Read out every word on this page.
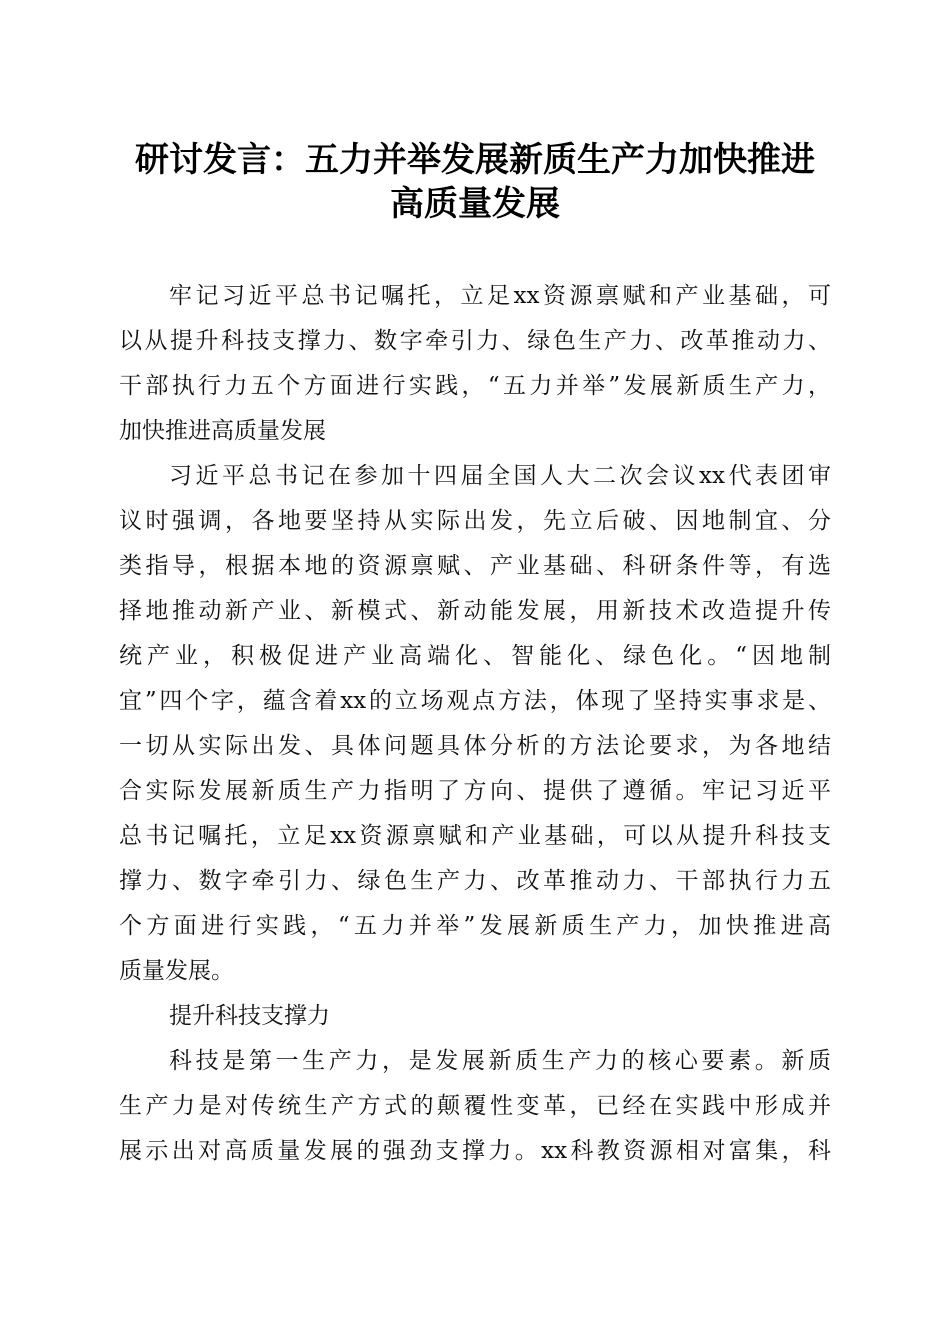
研讨发言：五力并举发展新质生产力加快推进
高质量发展
牢记习近平总书记嘱托，立足xx资源禀赋和产业基础，可
以从提升科技支撑力、数字牵引力、绿色生产力、改革推动力、
干部执行力五个方面进行实践，“五力并举”发展新质生产力，
加快推进高质量发展
习近平总书记在参加十四届全国人大二次会议xx代表团审
议时强调，各地要坚持从实际出发，先立后破、因地制宜、分
类指导，根据本地的资源禀赋、产业基础、科研条件等，有选
择地推动新产业、新模式、新动能发展，用新技术改造提升传
统产业，积极促进产业高端化、智能化、绿色化。“因地制
宜”四个字，蕴含着xx的立场观点方法，体现了坚持实事求是、
一切从实际出发、具体问题具体分析的方法论要求，为各地结
合实际发展新质生产力指明了方向、提供了遵循。牢记习近平
总书记嘱托，立足xx资源禀赋和产业基础，可以从提升科技支
撑力、数字牵引力、绿色生产力、改革推动力、干部执行力五
个方面进行实践，“五力并举”发展新质生产力，加快推进高
质量发展。
提升科技支撑力
科技是第一生产力，是发展新质生产力的核心要素。新质
生产力是对传统生产方式的颠覆性变革，已经在实践中形成并
展示出对高质量发展的强劲支撑力。xx科教资源相对富集，科
